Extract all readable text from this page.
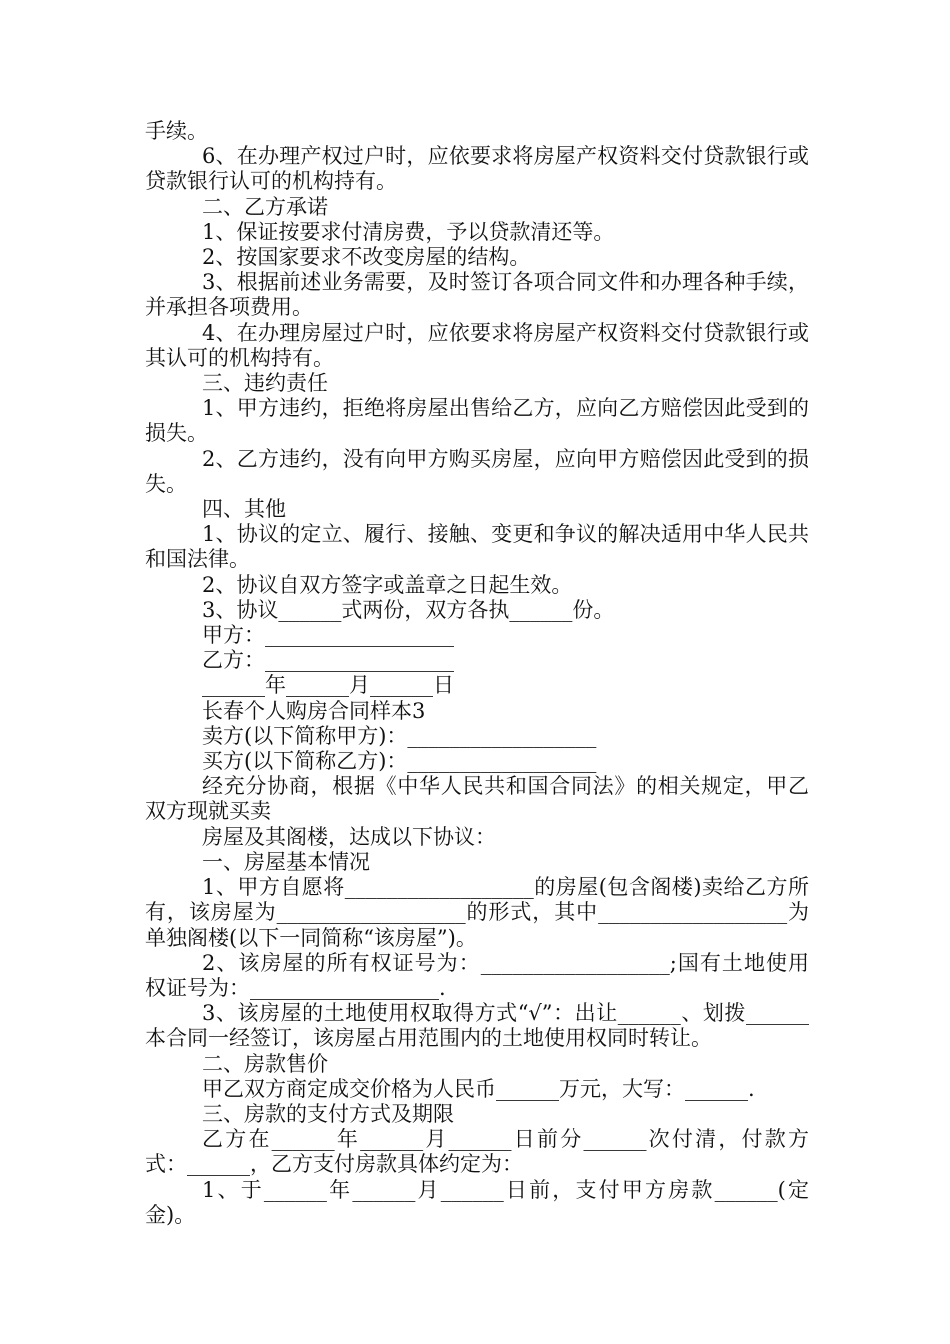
手续。

6、在办理产权过户时，应依要求将房屋产权资料交付贷款银行或贷款银行认可的机构持有。

二、乙方承诺

1、保证按要求付清房费，予以贷款清还等。

2、按国家要求不改变房屋的结构。

3、根据前述业务需要，及时签订各项合同文件和办理各种手续，并承担各项费用。

4、在办理房屋过户时，应依要求将房屋产权资料交付贷款银行或其认可的机构持有。

三、违约责任

1、甲方违约，拒绝将房屋出售给乙方，应向乙方赔偿因此受到的损失。

2、乙方违约，没有向甲方购买房屋，应向甲方赔偿因此受到的损失。

四、其他

1、协议的定立、履行、接触、变更和争议的解决适用中华人民共和国法律。

2、协议自双方签字或盖章之日起生效。

3、协议______式两份，双方各执______份。

甲方：__________________

乙方：__________________

______年______月______日

长春个人购房合同样本3

卖方(以下简称甲方)：__________________

买方(以下简称乙方)：__________________

经充分协商，根据《中华人民共和国合同法》的相关规定，甲乙双方现就买卖

房屋及其阁楼，达成以下协议：

一、房屋基本情况

1、甲方自愿将__________________的房屋(包含阁楼)卖给乙方所有，该房屋为__________________的形式，其中__________________为单独阁楼(以下一同简称“该房屋”)。

2、该房屋的所有权证号为：__________________;国有土地使用权证号为：__________________.

3、该房屋的土地使用权取得方式“√”：出让______、划拨______本合同一经签订，该房屋占用范围内的土地使用权同时转让。

二、房款售价

甲乙双方商定成交价格为人民币______万元，大写：______.

三、房款的支付方式及期限

乙方在______年______月______日前分______次付清，付款方式：______，乙方支付房款具体约定为：

1、于______年______月______日前，支付甲方房款______(定金)。
